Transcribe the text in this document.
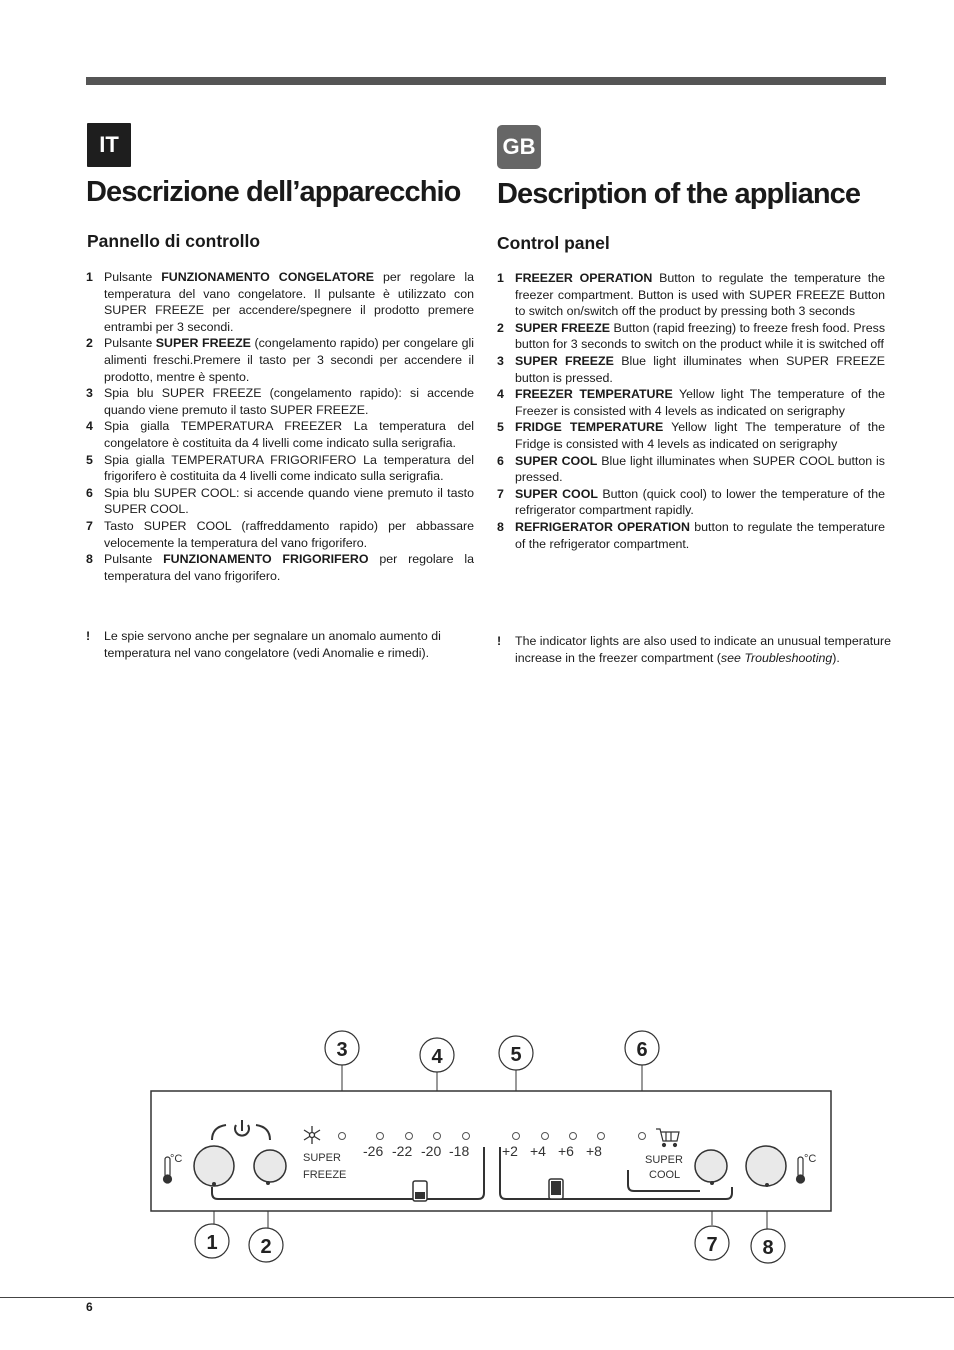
IT
Descrizione dell’apparecchio
Pannello di controllo

1 Pulsante FUNZIONAMENTO CONGELATORE per regolare la temperatura del vano congelatore. Il pulsante è utilizzato con SUPER FREEZE per accendere/spegnere il prodotto premere entrambi per 3 secondi.

2 Pulsante SUPER FREEZE (congelamento rapido) per congelare gli alimenti freschi.Premere il tasto per 3 secondi per accendere il prodotto, mentre è spento.

3 Spia blu SUPER FREEZE (congelamento rapido): si accende quando viene premuto il tasto SUPER FREEZE.

4 Spia gialla TEMPERATURA FREEZER La temperatura del congelatore è costituita da 4 livelli come indicato sulla serigrafia.

5 Spia gialla TEMPERATURA FRIGORIFERO La temperatura del frigorifero è costituita da 4 livelli come indicato sulla serigrafia.

6 Spia blu SUPER COOL: si accende quando viene premuto il tasto SUPER COOL.

7 Tasto SUPER COOL (raffreddamento rapido) per abbassare velocemente la temperatura del vano frigorifero.

8 Pulsante FUNZIONAMENTO FRIGORIFERO per regolare la temperatura del vano frigorifero.

! Le spie servono anche per segnalare un anomalo aumento di temperatura nel vano congelatore (vedi Anomalie e rimedi).
GB
Description of the appliance
Control panel

1 FREEZER OPERATION Button to regulate the temperature the freezer compartment. Button is used with SUPER FREEZE Button to switch on/switch off the product by pressing both 3 seconds

2 SUPER FREEZE Button (rapid freezing) to freeze fresh food. Press button for 3 seconds to switch on the product while it is switched off

3 SUPER FREEZE Blue light illuminates when SUPER FREEZE button is pressed.

4 FREEZER TEMPERATURE Yellow light The temperature of the Freezer is consisted with 4 levels as indicated on serigraphy

5 FRIDGE TEMPERATURE Yellow light The temperature of the Fridge is consisted with 4 levels as indicated on serigraphy

6 SUPER COOL Blue light illuminates when SUPER COOL button is pressed.

7 SUPER COOL Button (quick cool) to lower the temperature of the refrigerator compartment rapidly.

8 REFRIGERATOR OPERATION button to regulate the temperature of the refrigerator compartment.

! The indicator lights are also used to indicate an unusual temperature increase in the freezer compartment (see Troubleshooting).
°C	°C
SUPER
FREEZE
SUPER
COOL
-26 -22 -20 -18 +2 +4 +6 +8
3	4	5	6
1 2	7 8
6
